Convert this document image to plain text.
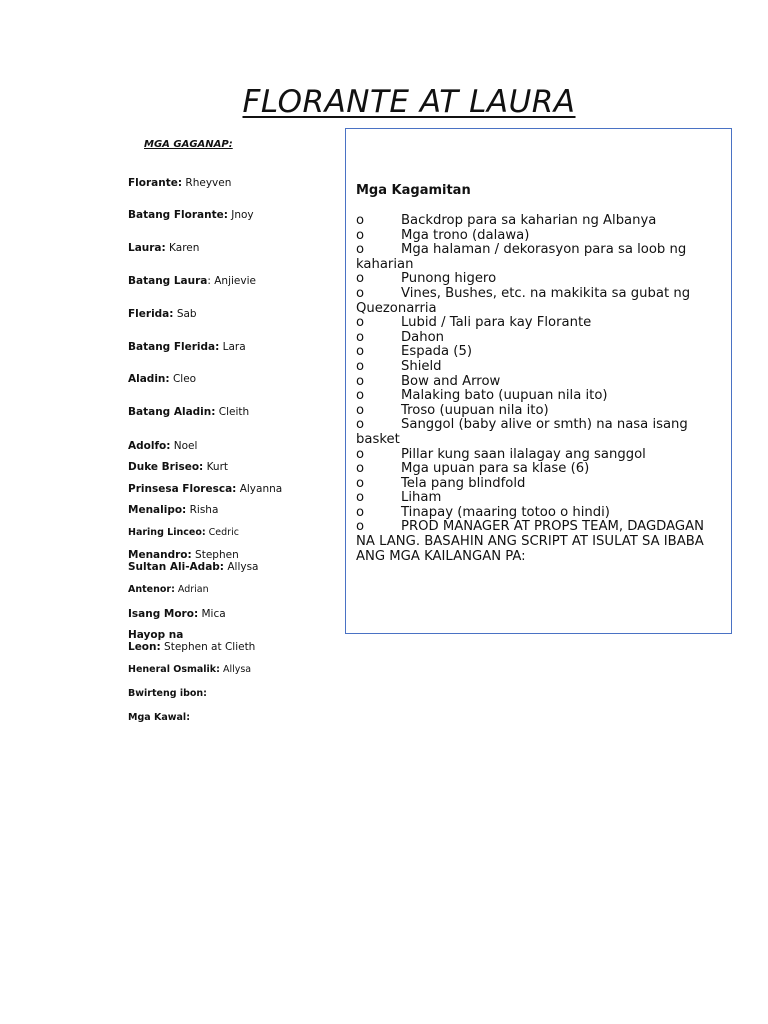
FLORANTE AT LAURA

MGA GAGANAP:

Florante: Rheyven
Batang Florante: Jnoy
Laura: Karen
Batang Laura: Anjievie
Flerida: Sab
Batang Flerida: Lara
Aladin: Cleo
Batang Aladin: Cleith
Adolfo: Noel
Duke Briseo: Kurt
Prinsesa Floresca: Alyanna
Menalipo: Risha
Haring Linceo: Cedric
Menandro: Stephen
Sultan Ali-Adab: Allysa
Antenor: Adrian
Isang Moro: Mica
Hayop na
Leon: Stephen at Clieth
Heneral Osmalik: Allysa
Bwirteng ibon:
Mga Kawal:

Mga Kagamitan

o	Backdrop para sa kaharian ng Albanya
o	Mga trono (dalawa)
o	Mga halaman / dekorasyon para sa loob ng kaharian
o	Punong higero
o	Vines, Bushes, etc. na makikita sa gubat ng Quezonarria
o	Lubid / Tali para kay Florante
o	Dahon
o	Espada (5)
o	Shield
o	Bow and Arrow
o	Malaking bato (uupuan nila ito)
o	Troso (uupuan nila ito)
o	Sanggol (baby alive or smth) na nasa isang basket
o	Pillar kung saan ilalagay ang sanggol
o	Mga upuan para sa klase (6)
o	Tela pang blindfold
o	Liham
o	Tinapay (maaring totoo o hindi)
o	PROD MANAGER AT PROPS TEAM, DAGDAGAN NA LANG. BASAHIN ANG SCRIPT AT ISULAT SA IBABA ANG MGA KAILANGAN PA:
